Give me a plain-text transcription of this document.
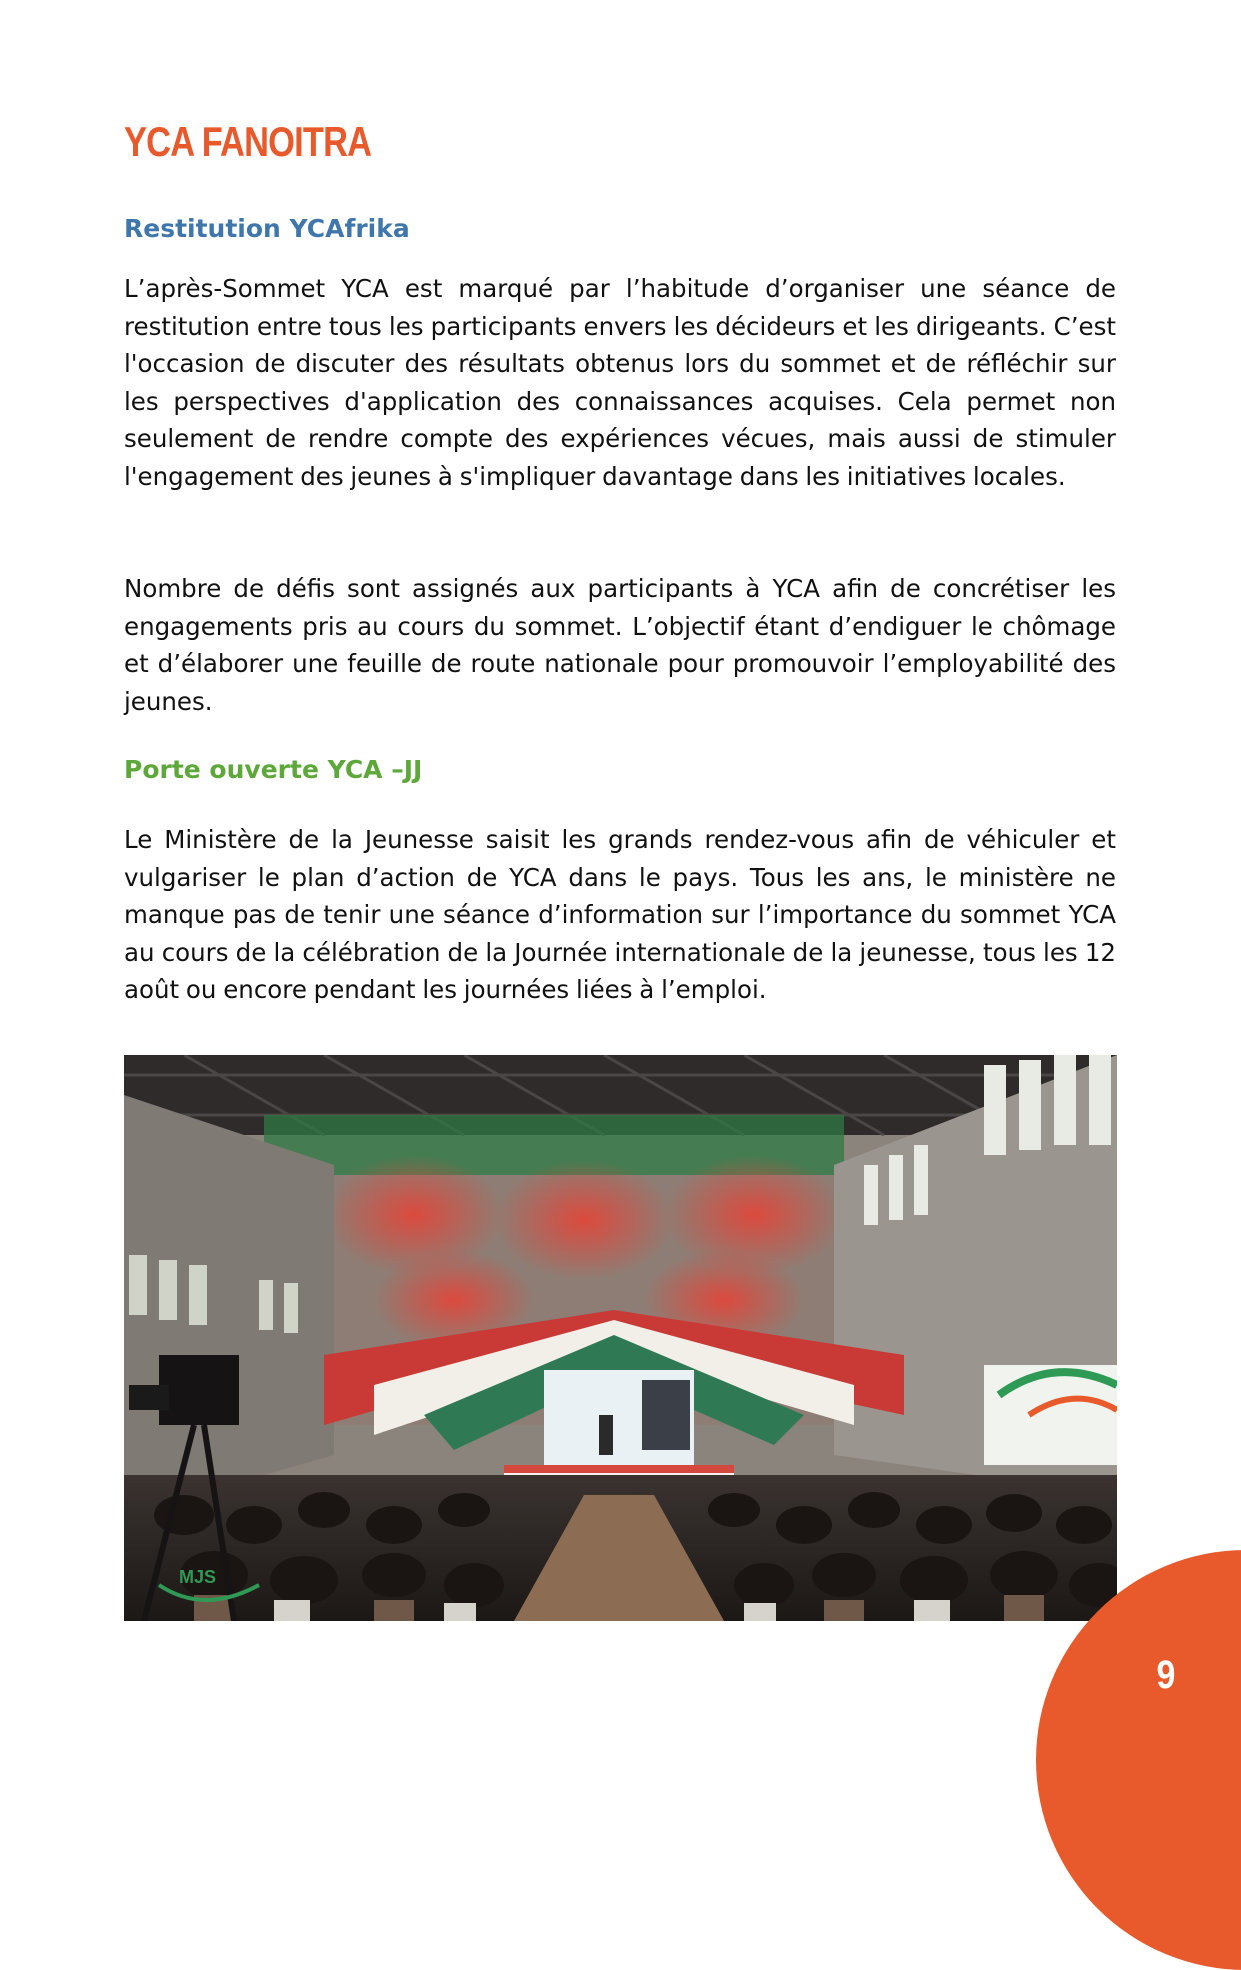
YCA FANOITRA
Restitution YCAfrika

L’après-Sommet YCA est marqué par l’habitude d’organiser une séance de restitution entre tous les participants envers les décideurs et les dirigeants. C’est l'occasion de discuter des résultats obtenus lors du sommet et de réfléchir sur les perspectives d'application des connaissances acquises. Cela permet non seulement de rendre compte des expériences vécues, mais aussi de stimuler l'engagement des jeunes à s'impliquer davantage dans les initiatives locales.

Nombre de défis sont assignés aux participants à YCA afin de concrétiser les engagements pris au cours du sommet. L’objectif étant d’endiguer le chômage et d’élaborer une feuille de route nationale pour promouvoir l’employabilité des jeunes.

Porte ouverte YCA –JJ

Le Ministère de la Jeunesse saisit les grands rendez-vous afin de véhiculer et vulgariser le plan d’action de YCA dans le pays. Tous les ans, le ministère ne manque pas de tenir une séance d’information sur l’importance du sommet YCA au cours de la célébration de la Journée internationale de la jeunesse, tous les 12 août ou encore pendant les journées liées à l’emploi.

MJS
9
